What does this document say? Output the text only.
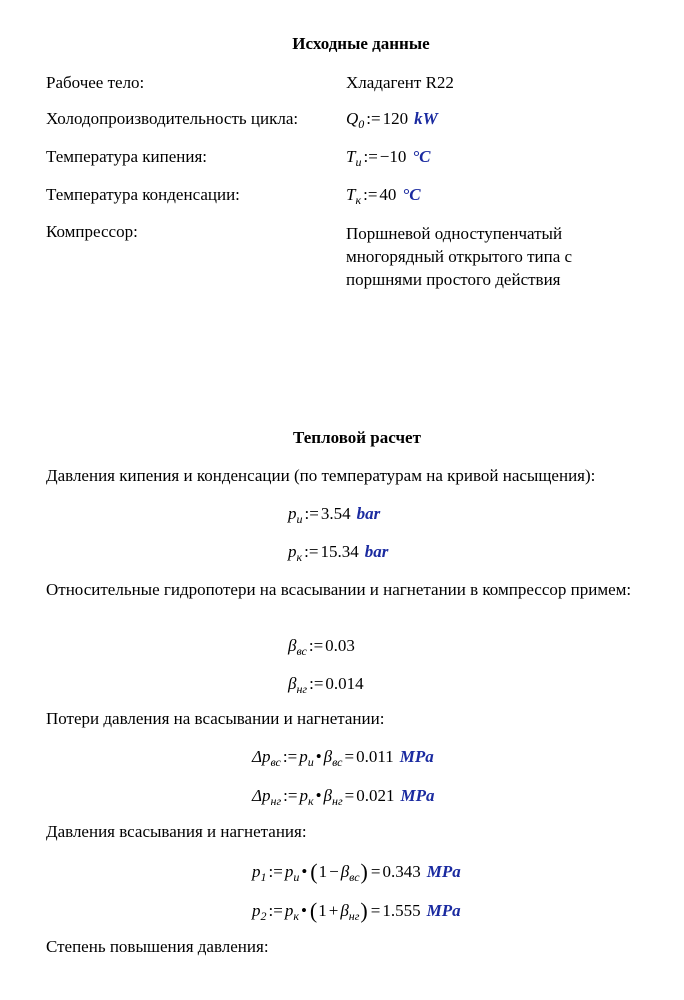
Исходные данные
Рабочее тело:	Хладагент R22
Холодопроизводительность цикла:	$Q_0$ := 120 kW
Температура кипения:	$T_и$ := −10 °C
Температура конденсации:	$T_к$ := 40 °C
Компрессор:	Поршневой одноступенчатый многорядный открытого типа с поршнями простого действия
Тепловой расчет
Давления кипения и конденсации (по температурам на кривой насыщения):
$p_и$ := 3.54 bar
$p_к$ := 15.34 bar
Относительные гидропотери на всасывании и нагнетании в компрессор примем:
$\beta_{вс}$ := 0.03
$\beta_{нг}$ := 0.014
Потери давления на всасывании и нагнетании:
$\Delta p_{вс}$ := $p_и$ • $\beta_{вс} = 0.011$ MPa
$\Delta p_{нг}$ := $p_к$ • $\beta_{нг} = 0.021$ MPa
Давления всасывания и нагнетания:
$p_1$ := $p_и$ • $(1 - \beta_{вс}) = 0.343$ MPa
$p_2$ := $p_к$ • $(1 + \beta_{нг}) = 1.555$ MPa
Степень повышения давления:
